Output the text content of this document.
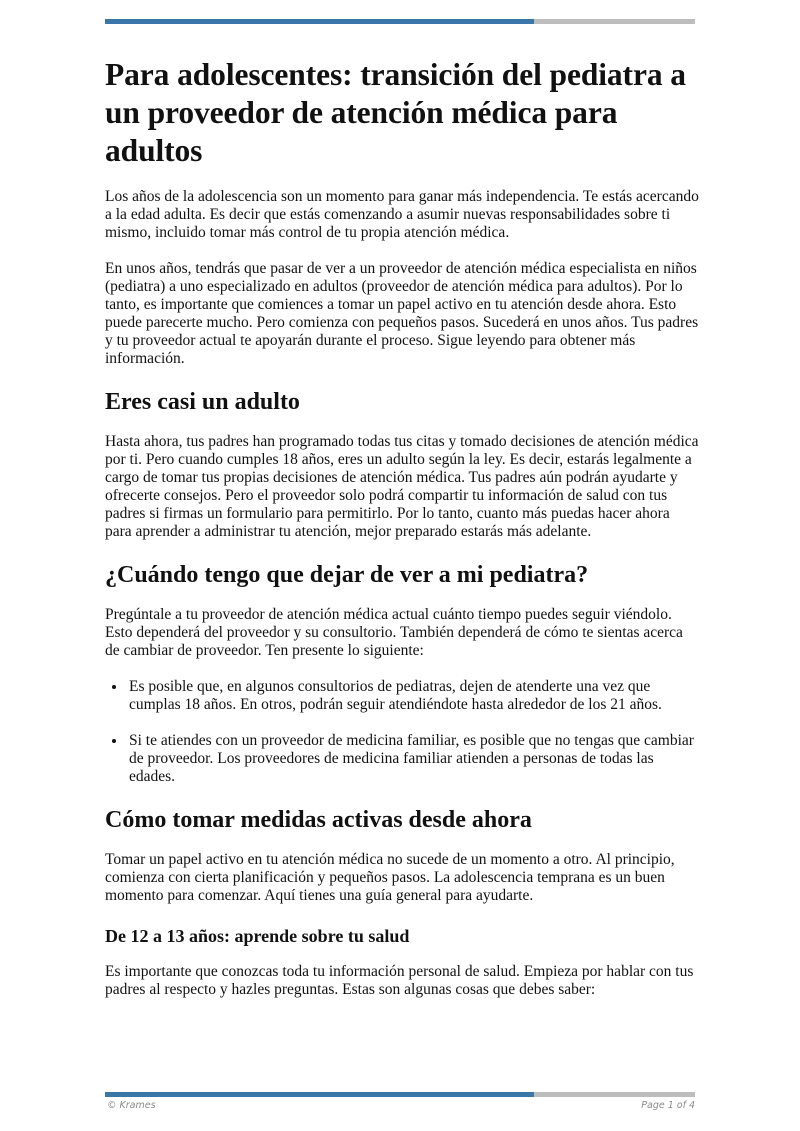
Para adolescentes: transición del pediatra a un proveedor de atención médica para adultos

Los años de la adolescencia son un momento para ganar más independencia. Te estás acercando a la edad adulta. Es decir que estás comenzando a asumir nuevas responsabilidades sobre ti mismo, incluido tomar más control de tu propia atención médica.

En unos años, tendrás que pasar de ver a un proveedor de atención médica especialista en niños (pediatra) a uno especializado en adultos (proveedor de atención médica para adultos). Por lo tanto, es importante que comiences a tomar un papel activo en tu atención desde ahora. Esto puede parecerte mucho. Pero comienza con pequeños pasos. Sucederá en unos años. Tus padres y tu proveedor actual te apoyarán durante el proceso. Sigue leyendo para obtener más información.

Eres casi un adulto

Hasta ahora, tus padres han programado todas tus citas y tomado decisiones de atención médica por ti. Pero cuando cumples 18 años, eres un adulto según la ley. Es decir, estarás legalmente a cargo de tomar tus propias decisiones de atención médica. Tus padres aún podrán ayudarte y ofrecerte consejos. Pero el proveedor solo podrá compartir tu información de salud con tus padres si firmas un formulario para permitirlo. Por lo tanto, cuanto más puedas hacer ahora para aprender a administrar tu atención, mejor preparado estarás más adelante.

¿Cuándo tengo que dejar de ver a mi pediatra?

Pregúntale a tu proveedor de atención médica actual cuánto tiempo puedes seguir viéndolo. Esto dependerá del proveedor y su consultorio. También dependerá de cómo te sientas acerca de cambiar de proveedor. Ten presente lo siguiente:

• Es posible que, en algunos consultorios de pediatras, dejen de atenderte una vez que cumplas 18 años. En otros, podrán seguir atendiéndote hasta alrededor de los 21 años.
• Si te atiendes con un proveedor de medicina familiar, es posible que no tengas que cambiar de proveedor. Los proveedores de medicina familiar atienden a personas de todas las edades.
Cómo tomar medidas activas desde ahora

Tomar un papel activo en tu atención médica no sucede de un momento a otro. Al principio, comienza con cierta planificación y pequeños pasos. La adolescencia temprana es un buen momento para comenzar. Aquí tienes una guía general para ayudarte.

De 12 a 13 años: aprende sobre tu salud

Es importante que conozcas toda tu información personal de salud. Empieza por hablar con tus padres al respecto y hazles preguntas. Estas son algunas cosas que debes saber:

© Krames	Page 1 of 4
